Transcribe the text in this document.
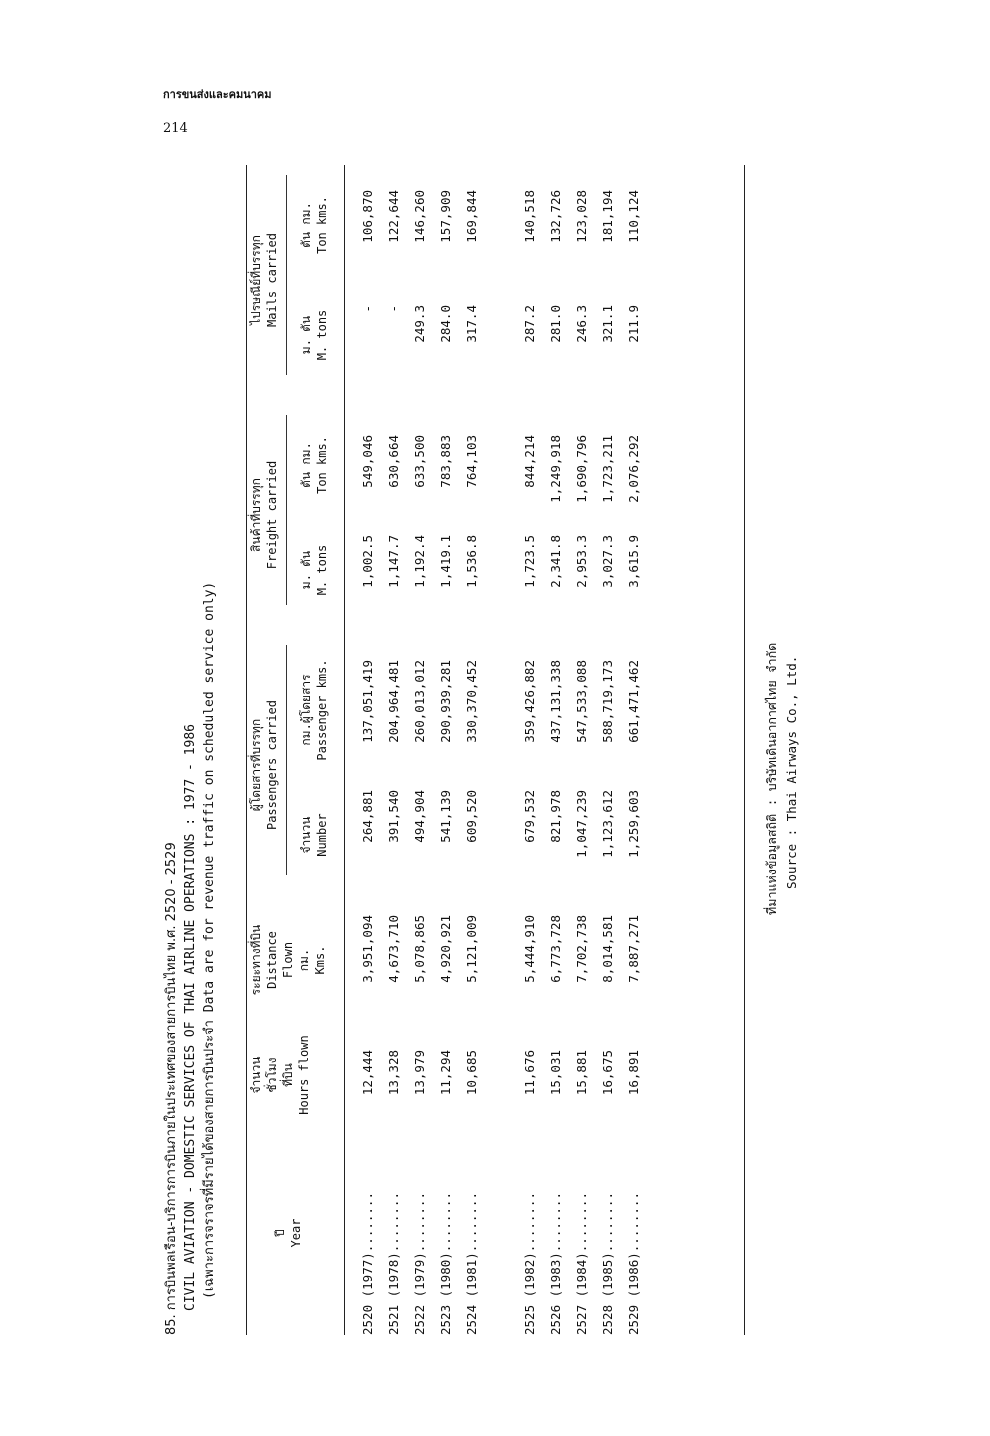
การขนส่งและคมนาคม
214
85. การบินพลเรือน-บริการการบินภายในประเทศของสายการบินไทย พ.ศ. 2520 - 2529 CIVIL AVIATION - DOMESTIC SERVICES OF THAI AIRLINE OPERATIONS : 1977 - 1986 (เฉพาะการจราจรที่มีรายได้ของสายการบินประจำ Data are for revenue traffic on scheduled service only)	ปี Year
จำนวน ชั่วโมง ที่บิน Hours flown
ระยะทางที่บิน Distance Flown กม. Kms.
ผู้โดยสารที่บรรทุก Passengers carried
จำนวน Number
กม.ผู้โดยสาร Passenger kms.
สินค้าที่บรรทุก Freight carried
ม. ตัน M. tons
ตัน กม. Ton kms.
ไปรษณีย์ที่บรรทุก Mails carried
ม. ตัน M. tons
ตัน กม. Ton kms.
2520 (1977)........
12,444
3,951,094
264,881
137,051,419
1,002.5
549,046
-
106,870
2521 (1978)........
13,328
4,673,710
391,540
204,964,481
1,147.7
630,664
-
122,644
2522 (1979)........
13,979
5,078,865
494,904
260,013,012
1,192.4
633,500
249.3
146,260
2523 (1980)........
11,294
4,920,921
541,139
290,939,281
1,419.1
783,883
284.0
157,909
2524 (1981)........
10,685
5,121,009
609,520
330,370,452
1,536.8
764,103
317.4
169,844
2525 (1982)........
11,676
5,444,910
679,532
359,426,882
1,723.5
844,214
287.2
140,518
2526 (1983)........
15,031
6,773,728
821,978
437,131,338
2,341.8
1,249,918
281.0
132,726
2527 (1984)........
15,881
7,702,738
1,047,239
547,533,088
2,953.3
1,690,796
246.3
123,028
2528 (1985)........
16,675
8,014,581
1,123,612
588,719,173
3,027.3
1,723,211
321.1
181,194
2529 (1986)........
16,891
7,887,271
1,259,603
661,471,462
3,615.9
2,076,292
211.9
110,124
ที่มาแห่งข้อมูลสถิติ : บริษัทเดินอากาศไทย จำกัด Source : Thai Airways Co., Ltd.
